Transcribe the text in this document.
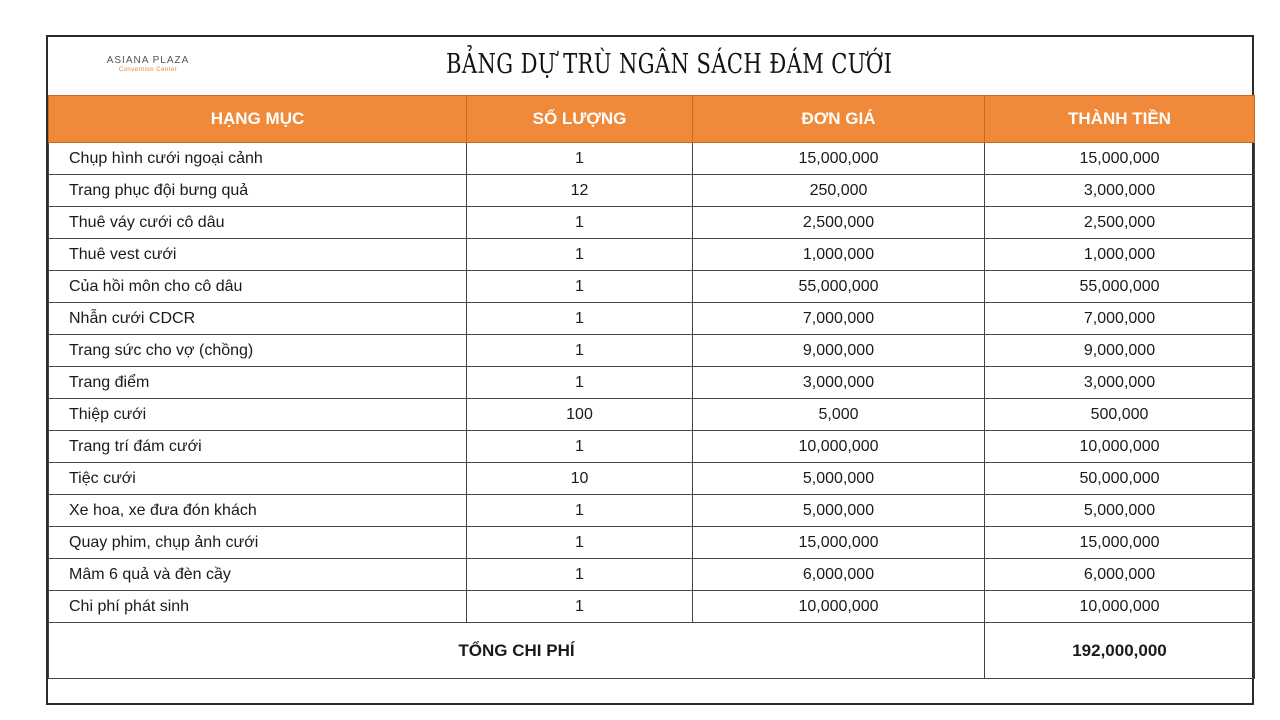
ASIANA PLAZA
Convention Center	BẢNG DỰ TRÙ NGÂN SÁCH ĐÁM CƯỚI
HẠNG MỤC	SỐ LƯỢNG	ĐƠN GIÁ	THÀNH TIỀN
Chụp hình cưới ngoại cảnh	1	15,000,000	15,000,000
Trang phục đội bưng quả	12	250,000	3,000,000
Thuê váy cưới cô dâu	1	2,500,000	2,500,000
Thuê vest cưới	1	1,000,000	1,000,000
Của hồi môn cho cô dâu	1	55,000,000	55,000,000
Nhẫn cưới CDCR	1	7,000,000	7,000,000
Trang sức cho vợ (chồng)	1	9,000,000	9,000,000
Trang điểm	1	3,000,000	3,000,000
Thiệp cưới	100	5,000	500,000
Trang trí đám cưới	1	10,000,000	10,000,000
Tiệc cưới	10	5,000,000	50,000,000
Xe hoa, xe đưa đón khách	1	5,000,000	5,000,000
Quay phim, chụp ảnh cưới	1	15,000,000	15,000,000
Mâm 6 quả và đèn cầy	1	6,000,000	6,000,000
Chi phí phát sinh	1	10,000,000	10,000,000
TỔNG CHI PHÍ			192,000,000
